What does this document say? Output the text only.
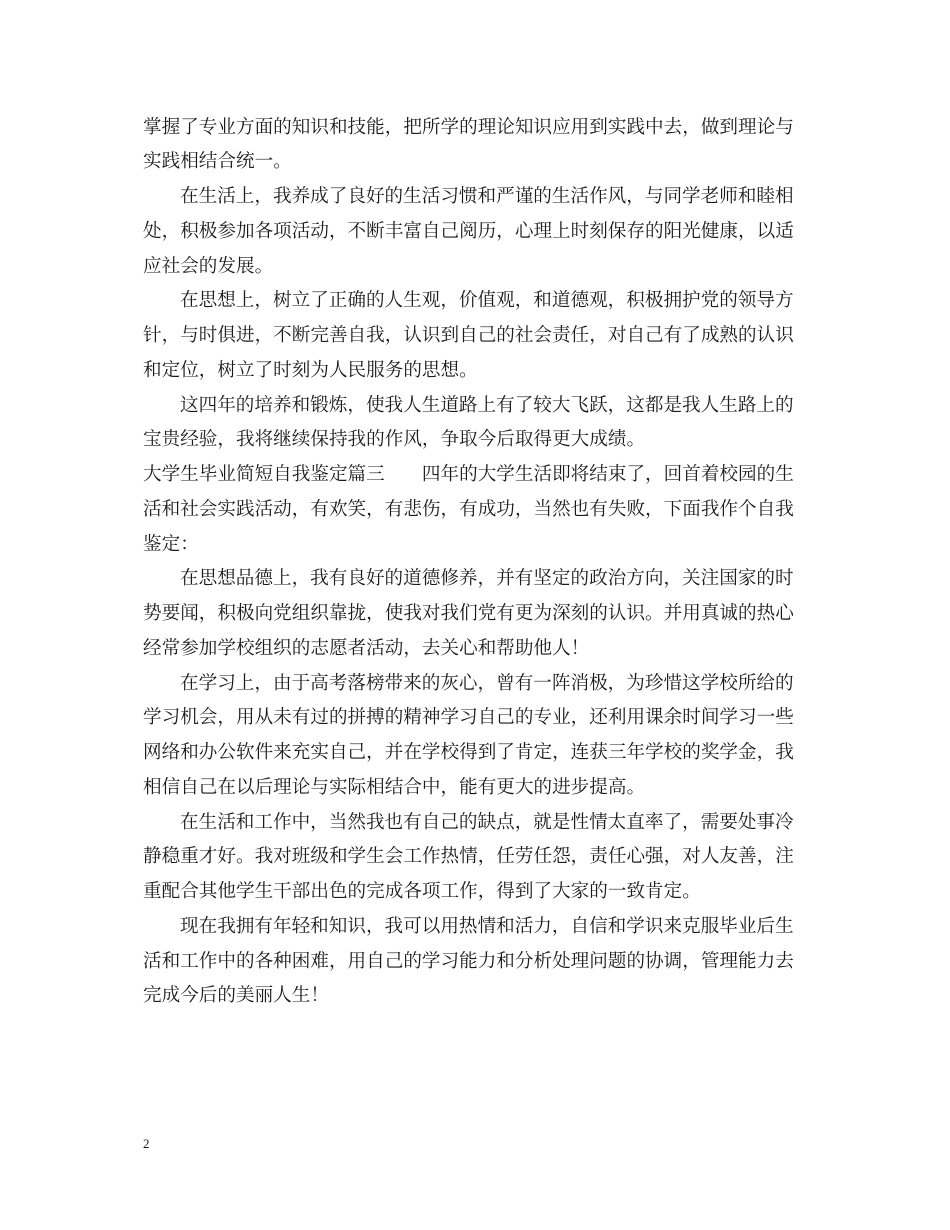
掌握了专业方面的知识和技能，把所学的理论知识应用到实践中去，做到理论与
实践相结合统一。
在生活上，我养成了良好的生活习惯和严谨的生活作风，与同学老师和睦相
处，积极参加各项活动，不断丰富自己阅历，心理上时刻保存的阳光健康，以适
应社会的发展。
在思想上，树立了正确的人生观，价值观，和道德观，积极拥护党的领导方
针，与时俱进，不断完善自我，认识到自己的社会责任，对自己有了成熟的认识
和定位，树立了时刻为人民服务的思想。
这四年的培养和锻炼，使我人生道路上有了较大飞跃，这都是我人生路上的
宝贵经验，我将继续保持我的作风，争取今后取得更大成绩。
大学生毕业简短自我鉴定篇三　　四年的大学生活即将结束了，回首着校园的生
活和社会实践活动，有欢笑，有悲伤，有成功，当然也有失败，下面我作个自我
鉴定：
在思想品德上，我有良好的道德修养，并有坚定的政治方向，关注国家的时
势要闻，积极向党组织靠拢，使我对我们党有更为深刻的认识。并用真诚的热心
经常参加学校组织的志愿者活动，去关心和帮助他人！
在学习上，由于高考落榜带来的灰心，曾有一阵消极，为珍惜这学校所给的
学习机会，用从未有过的拼搏的精神学习自己的专业，还利用课余时间学习一些
网络和办公软件来充实自己，并在学校得到了肯定，连获三年学校的奖学金，我
相信自己在以后理论与实际相结合中，能有更大的进步提高。
在生活和工作中，当然我也有自己的缺点，就是性情太直率了，需要处事冷
静稳重才好。我对班级和学生会工作热情，任劳任怨，责任心强，对人友善，注
重配合其他学生干部出色的完成各项工作，得到了大家的一致肯定。
现在我拥有年轻和知识，我可以用热情和活力，自信和学识来克服毕业后生
活和工作中的各种困难，用自己的学习能力和分析处理问题的协调，管理能力去
完成今后的美丽人生！
2
